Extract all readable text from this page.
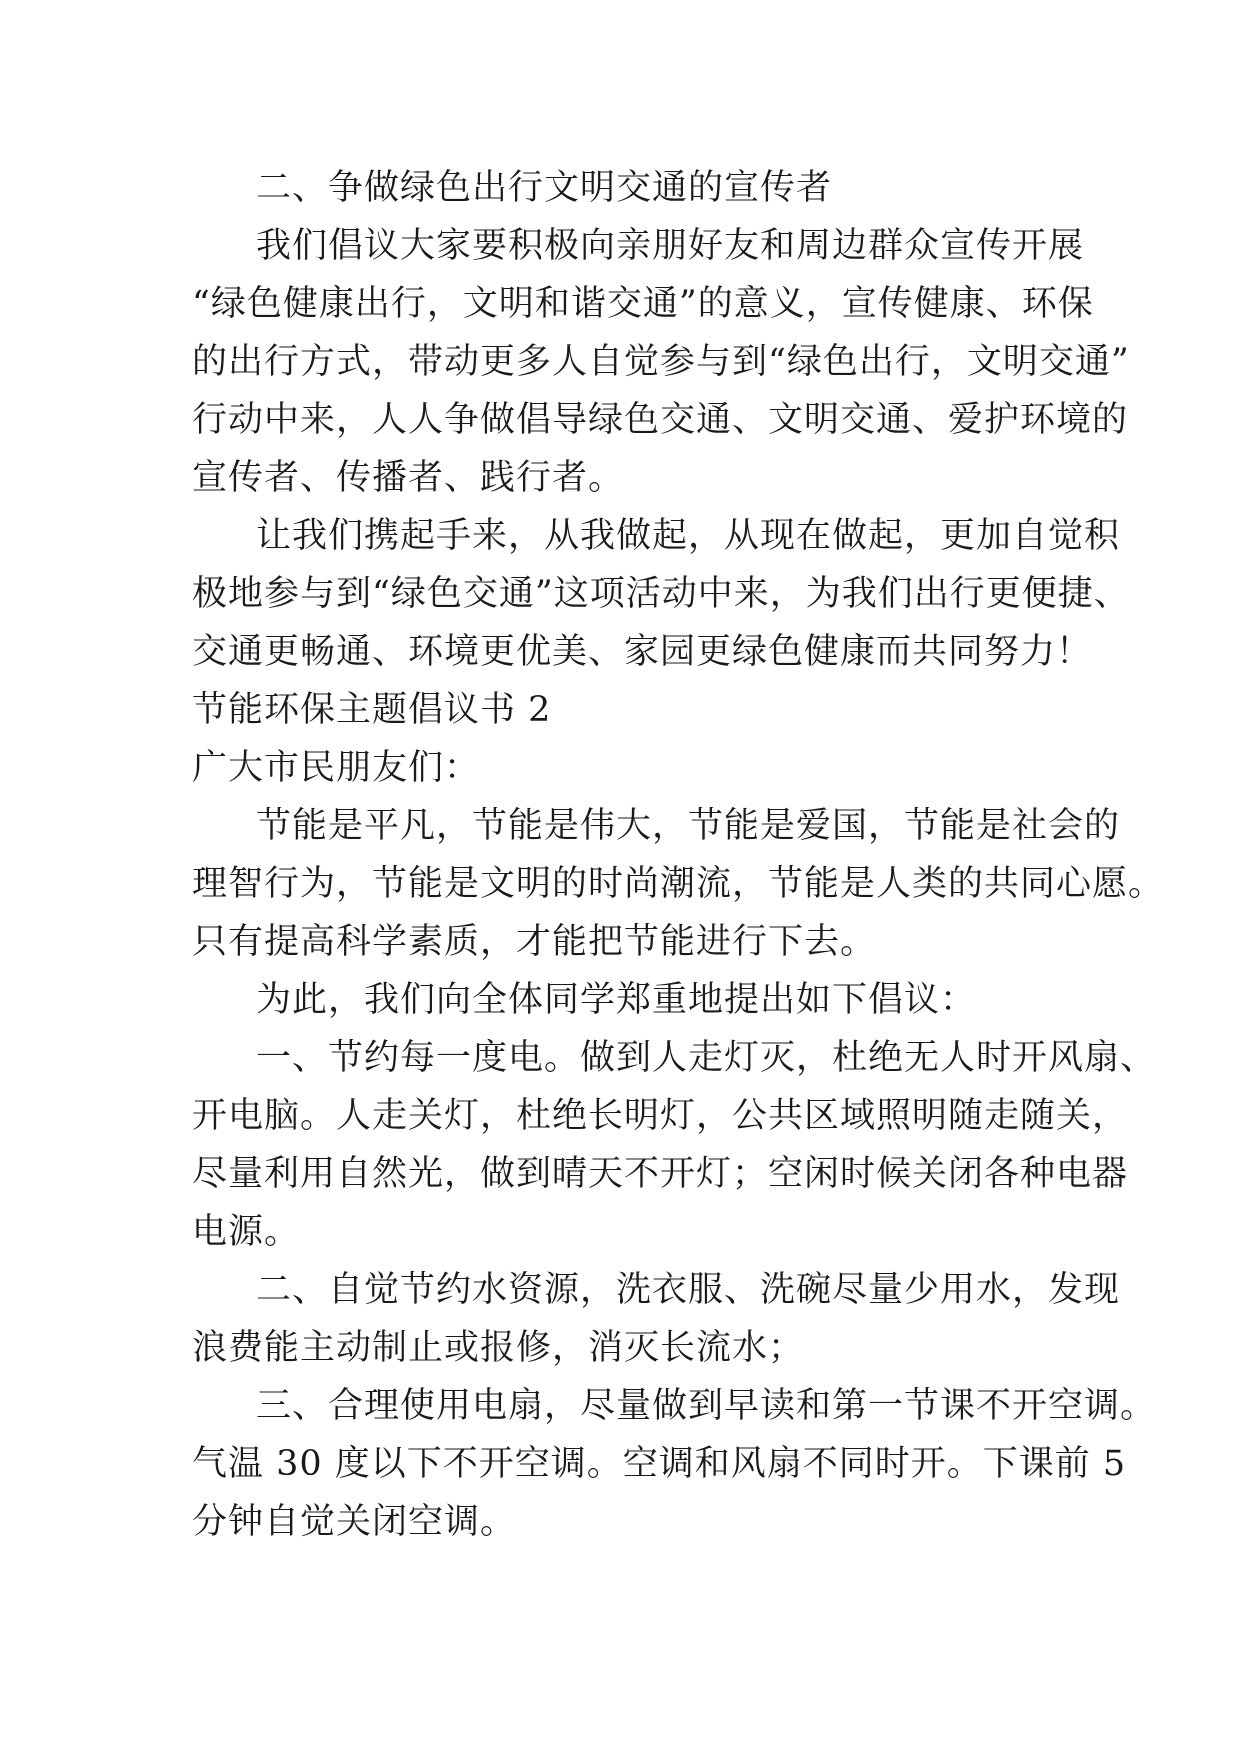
二、争做绿色出行文明交通的宣传者
我们倡议大家要积极向亲朋好友和周边群众宣传开展
“绿色健康出行，文明和谐交通”的意义，宣传健康、环保
的出行方式，带动更多人自觉参与到“绿色出行，文明交通”
行动中来，人人争做倡导绿色交通、文明交通、爱护环境的
宣传者、传播者、践行者。
让我们携起手来，从我做起，从现在做起，更加自觉积
极地参与到“绿色交通”这项活动中来，为我们出行更便捷、
交通更畅通、环境更优美、家园更绿色健康而共同努力！
节能环保主题倡议书 2
广大市民朋友们：
节能是平凡，节能是伟大，节能是爱国，节能是社会的
理智行为，节能是文明的时尚潮流，节能是人类的共同心愿。
只有提高科学素质，才能把节能进行下去。
为此，我们向全体同学郑重地提出如下倡议：
一、节约每一度电。做到人走灯灭，杜绝无人时开风扇、
开电脑。人走关灯，杜绝长明灯，公共区域照明随走随关，
尽量利用自然光，做到晴天不开灯；空闲时候关闭各种电器
电源。
二、自觉节约水资源，洗衣服、洗碗尽量少用水，发现
浪费能主动制止或报修，消灭长流水；
三、合理使用电扇，尽量做到早读和第一节课不开空调。
气温 30 度以下不开空调。空调和风扇不同时开。下课前 5
分钟自觉关闭空调。
